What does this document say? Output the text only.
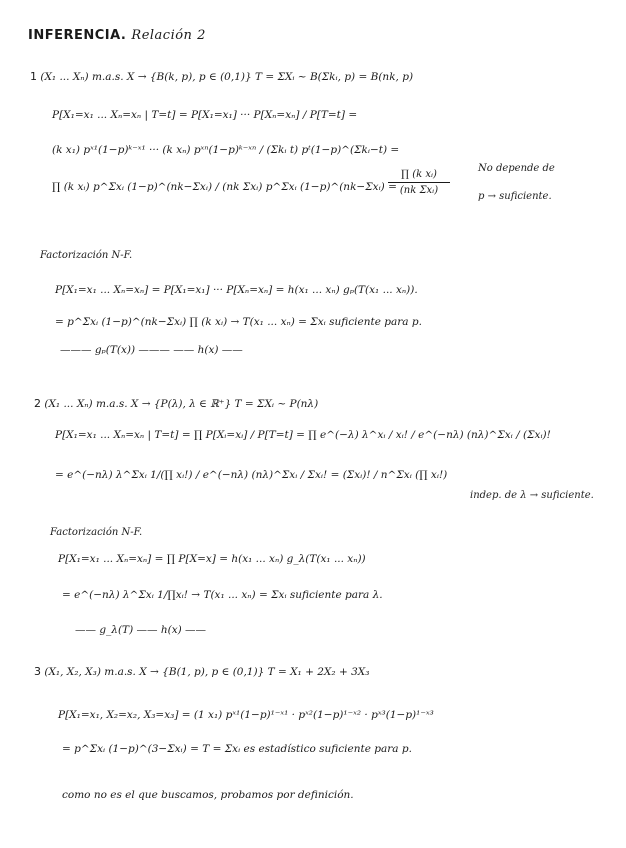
INFERENCIA. Relación 2
1 (X₁ ... Xₙ) m.a.s. X → {B(k, p), p ∈ (0,1)} T = ΣXᵢ ~ B(Σkᵢ, p) = B(nk, p)
P[X₁=x₁ ... Xₙ=xₙ | T=t] = P[X₁=x₁] ··· P[Xₙ=xₙ] / P[T=t] =
(k x₁) pˣ¹(1−p)ᵏ⁻ˣ¹ ··· (k xₙ) pˣⁿ(1−p)ᵏ⁻ˣⁿ / (Σkᵢ t) pᵗ(1−p)^(Σkᵢ−t) =
∏ (k xᵢ) p^Σxᵢ (1−p)^(nk−Σxᵢ) / (nk Σxᵢ) p^Σxᵢ (1−p)^(nk−Σxᵢ) =
∏ (k xᵢ)
(nk Σxᵢ)
No depende de
p → suficiente.
Factorización N-F.
P[X₁=x₁ ... Xₙ=xₙ] = P[X₁=x₁] ··· P[Xₙ=xₙ] = h(x₁ ... xₙ) gₚ(T(x₁ ... xₙ)).
= p^Σxᵢ (1−p)^(nk−Σxᵢ) ∏ (k xᵢ) → T(x₁ ... xₙ) = Σxᵢ suficiente para p.
——— gₚ(T(x)) ——— —— h(x) ——
2 (X₁ ... Xₙ) m.a.s. X → {P(λ), λ ∈ ℝ⁺} T = ΣXᵢ ~ P(nλ)
P[X₁=x₁ ... Xₙ=xₙ | T=t] = ∏ P[Xᵢ=xᵢ] / P[T=t] = ∏ e^(−λ) λ^xᵢ / xᵢ! / e^(−nλ) (nλ)^Σxᵢ / (Σxᵢ)!
= e^(−nλ) λ^Σxᵢ 1/(∏ xᵢ!) / e^(−nλ) (nλ)^Σxᵢ / Σxᵢ! = (Σxᵢ)! / n^Σxᵢ (∏ xᵢ!)
indep. de λ → suficiente.
Factorización N-F.
P[X₁=x₁ ... Xₙ=xₙ] = ∏ P[X=x] = h(x₁ ... xₙ) g_λ(T(x₁ ... xₙ))
= e^(−nλ) λ^Σxᵢ 1/∏xᵢ! → T(x₁ ... xₙ) = Σxᵢ suficiente para λ.
—— g_λ(T) —— h(x) ——
3 (X₁, X₂, X₃) m.a.s. X → {B(1, p), p ∈ (0,1)} T = X₁ + 2X₂ + 3X₃
P[X₁=x₁, X₂=x₂, X₃=x₃] = (1 x₁) pˣ¹(1−p)¹⁻ˣ¹ · pˣ²(1−p)¹⁻ˣ² · pˣ³(1−p)¹⁻ˣ³
= p^Σxᵢ (1−p)^(3−Σxᵢ) = T = Σxᵢ es estadístico suficiente para p.
como no es el que buscamos, probamos por definición.
